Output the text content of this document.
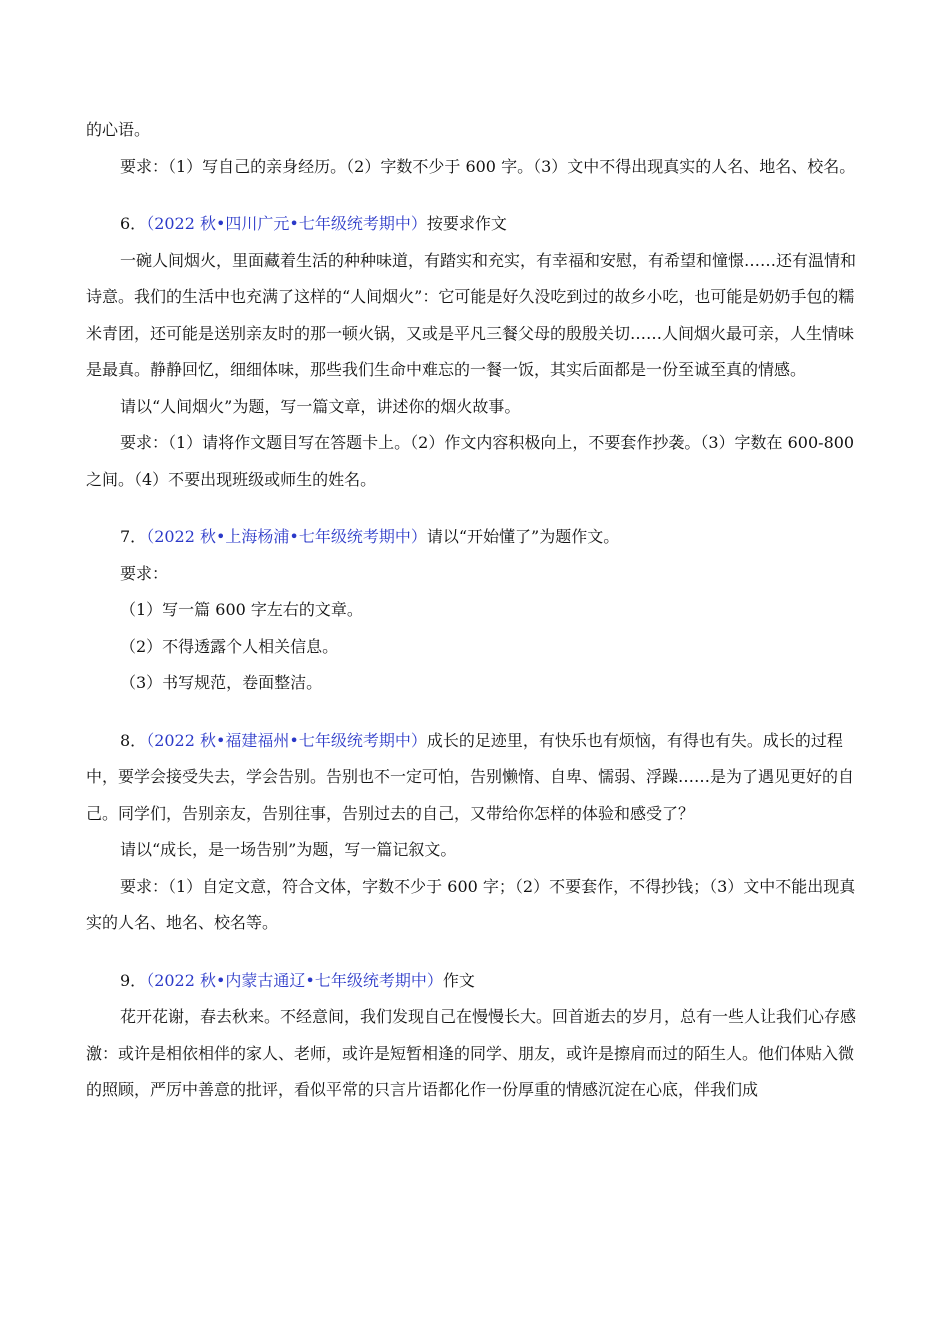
的心语。

要求：（1）写自己的亲身经历。（2）字数不少于 600 字。（3）文中不得出现真实的人名、地名、校名。

6．（2022 秋•四川广元•七年级统考期中）按要求作文

一碗人间烟火，里面藏着生活的种种味道，有踏实和充实，有幸福和安慰，有希望和憧憬……还有温情和诗意。我们的生活中也充满了这样的“人间烟火”：它可能是好久没吃到过的故乡小吃，也可能是奶奶手包的糯米青团，还可能是送别亲友时的那一顿火锅，又或是平凡三餐父母的殷殷关切……人间烟火最可亲，人生情味是最真。静静回忆，细细体味，那些我们生命中难忘的一餐一饭，其实后面都是一份至诚至真的情感。

请以“人间烟火”为题，写一篇文章，讲述你的烟火故事。

要求：（1）请将作文题目写在答题卡上。（2）作文内容积极向上，不要套作抄袭。（3）字数在 600-800 之间。（4）不要出现班级或师生的姓名。

7．（2022 秋•上海杨浦•七年级统考期中）请以“开始懂了”为题作文。

要求：

（1）写一篇 600 字左右的文章。

（2）不得透露个人相关信息。

（3）书写规范，卷面整洁。

8．（2022 秋•福建福州•七年级统考期中）成长的足迹里，有快乐也有烦恼，有得也有失。成长的过程中，要学会接受失去，学会告别。告别也不一定可怕，告别懒惰、自卑、懦弱、浮躁……是为了遇见更好的自己。同学们，告别亲友，告别往事，告别过去的自己，又带给你怎样的体验和感受了？

请以“成长，是一场告别”为题，写一篇记叙文。

要求：（1）自定文意，符合文体，字数不少于 600 字；（2）不要套作，不得抄钱；（3）文中不能出现真实的人名、地名、校名等。

9．（2022 秋•内蒙古通辽•七年级统考期中）作文

花开花谢，春去秋来。不经意间，我们发现自己在慢慢长大。回首逝去的岁月，总有一些人让我们心存感激：或许是相依相伴的家人、老师，或许是短暂相逢的同学、朋友，或许是擦肩而过的陌生人。他们体贴入微的照顾，严厉中善意的批评，看似平常的只言片语都化作一份厚重的情感沉淀在心底，伴我们成
